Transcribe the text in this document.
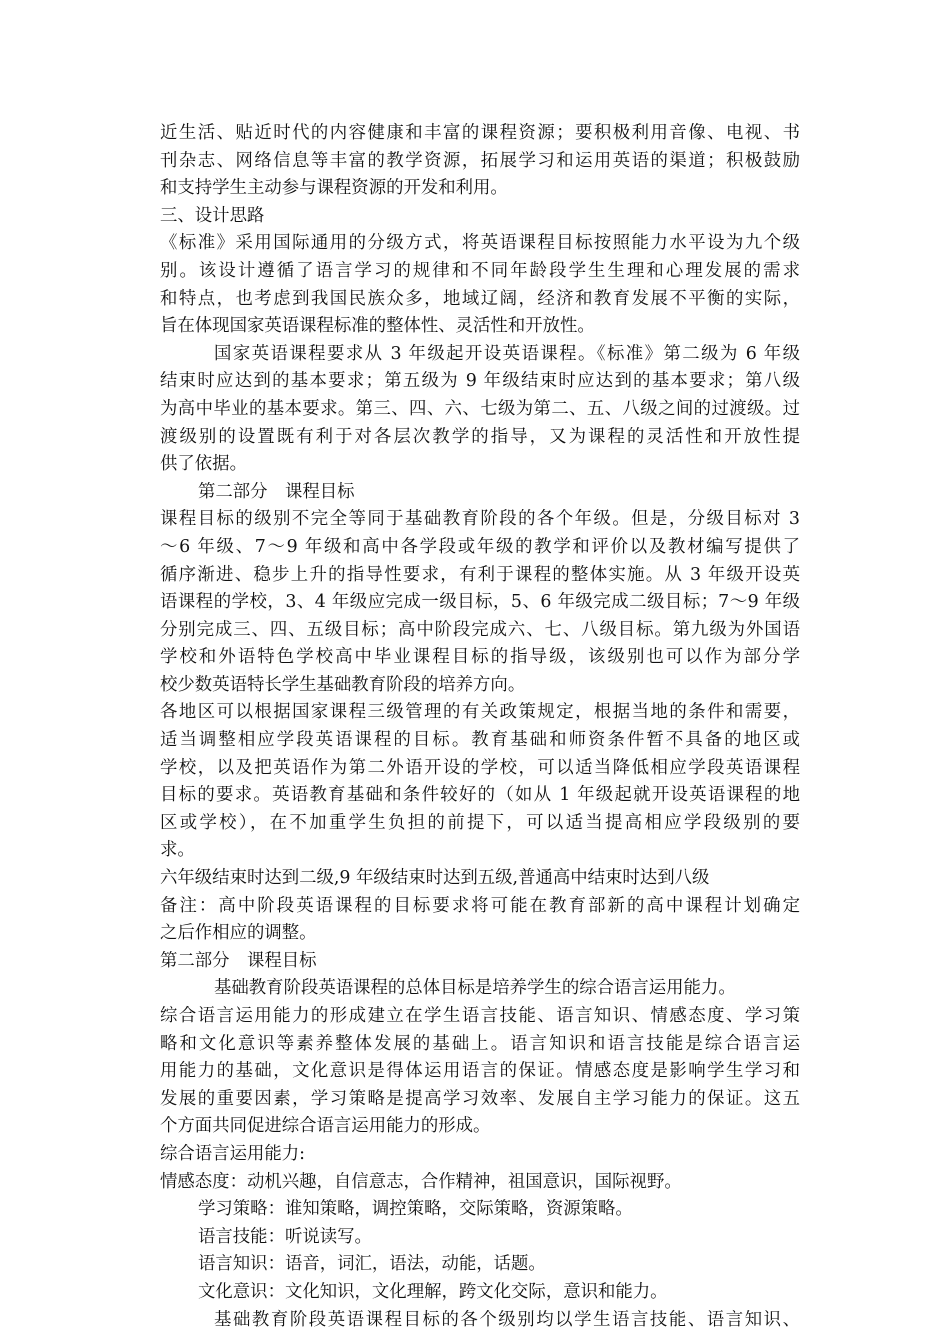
近生活、贴近时代的内容健康和丰富的课程资源；要积极利用音像、电视、书
刊杂志、网络信息等丰富的教学资源，拓展学习和运用英语的渠道；积极鼓励
和支持学生主动参与课程资源的开发和利用。
三、设计思路
《标准》采用国际通用的分级方式，将英语课程目标按照能力水平设为九个级
别。该设计遵循了语言学习的规律和不同年龄段学生生理和心理发展的需求
和特点，也考虑到我国民族众多，地域辽阔，经济和教育发展不平衡的实际，
旨在体现国家英语课程标准的整体性、灵活性和开放性。
国家英语课程要求从 3 年级起开设英语课程。《标准》第二级为 6 年级
结束时应达到的基本要求；第五级为 9 年级结束时应达到的基本要求；第八级
为高中毕业的基本要求。第三、四、六、七级为第二、五、八级之间的过渡级。过
渡级别的设置既有利于对各层次教学的指导，又为课程的灵活性和开放性提
供了依据。
第二部分　课程目标
课程目标的级别不完全等同于基础教育阶段的各个年级。但是，分级目标对 3
～6 年级、7～9 年级和高中各学段或年级的教学和评价以及教材编写提供了
循序渐进、稳步上升的指导性要求，有利于课程的整体实施。从 3 年级开设英
语课程的学校，3、4 年级应完成一级目标，5、6 年级完成二级目标；7～9 年级
分别完成三、四、五级目标；高中阶段完成六、七、八级目标。第九级为外国语
学校和外语特色学校高中毕业课程目标的指导级，该级别也可以作为部分学
校少数英语特长学生基础教育阶段的培养方向。
各地区可以根据国家课程三级管理的有关政策规定，根据当地的条件和需要，
适当调整相应学段英语课程的目标。教育基础和师资条件暂不具备的地区或
学校，以及把英语作为第二外语开设的学校，可以适当降低相应学段英语课程
目标的要求。英语教育基础和条件较好的（如从 1 年级起就开设英语课程的地
区或学校），在不加重学生负担的前提下，可以适当提高相应学段级别的要
求。
六年级结束时达到二级,9 年级结束时达到五级,普通高中结束时达到八级
备注：高中阶段英语课程的目标要求将可能在教育部新的高中课程计划确定
之后作相应的调整。
第二部分　课程目标
基础教育阶段英语课程的总体目标是培养学生的综合语言运用能力。
综合语言运用能力的形成建立在学生语言技能、语言知识、情感态度、学习策
略和文化意识等素养整体发展的基础上。语言知识和语言技能是综合语言运
用能力的基础，文化意识是得体运用语言的保证。情感态度是影响学生学习和
发展的重要因素，学习策略是提高学习效率、发展自主学习能力的保证。这五
个方面共同促进综合语言运用能力的形成。
综合语言运用能力:
情感态度：动机兴趣，自信意志，合作精神，祖国意识，国际视野。
学习策略：谁知策略，调控策略，交际策略，资源策略。
语言技能：听说读写。
语言知识：语音，词汇，语法，动能，话题。
文化意识：文化知识，文化理解，跨文化交际，意识和能力。
基础教育阶段英语课程目标的各个级别均以学生语言技能、语言知识、
